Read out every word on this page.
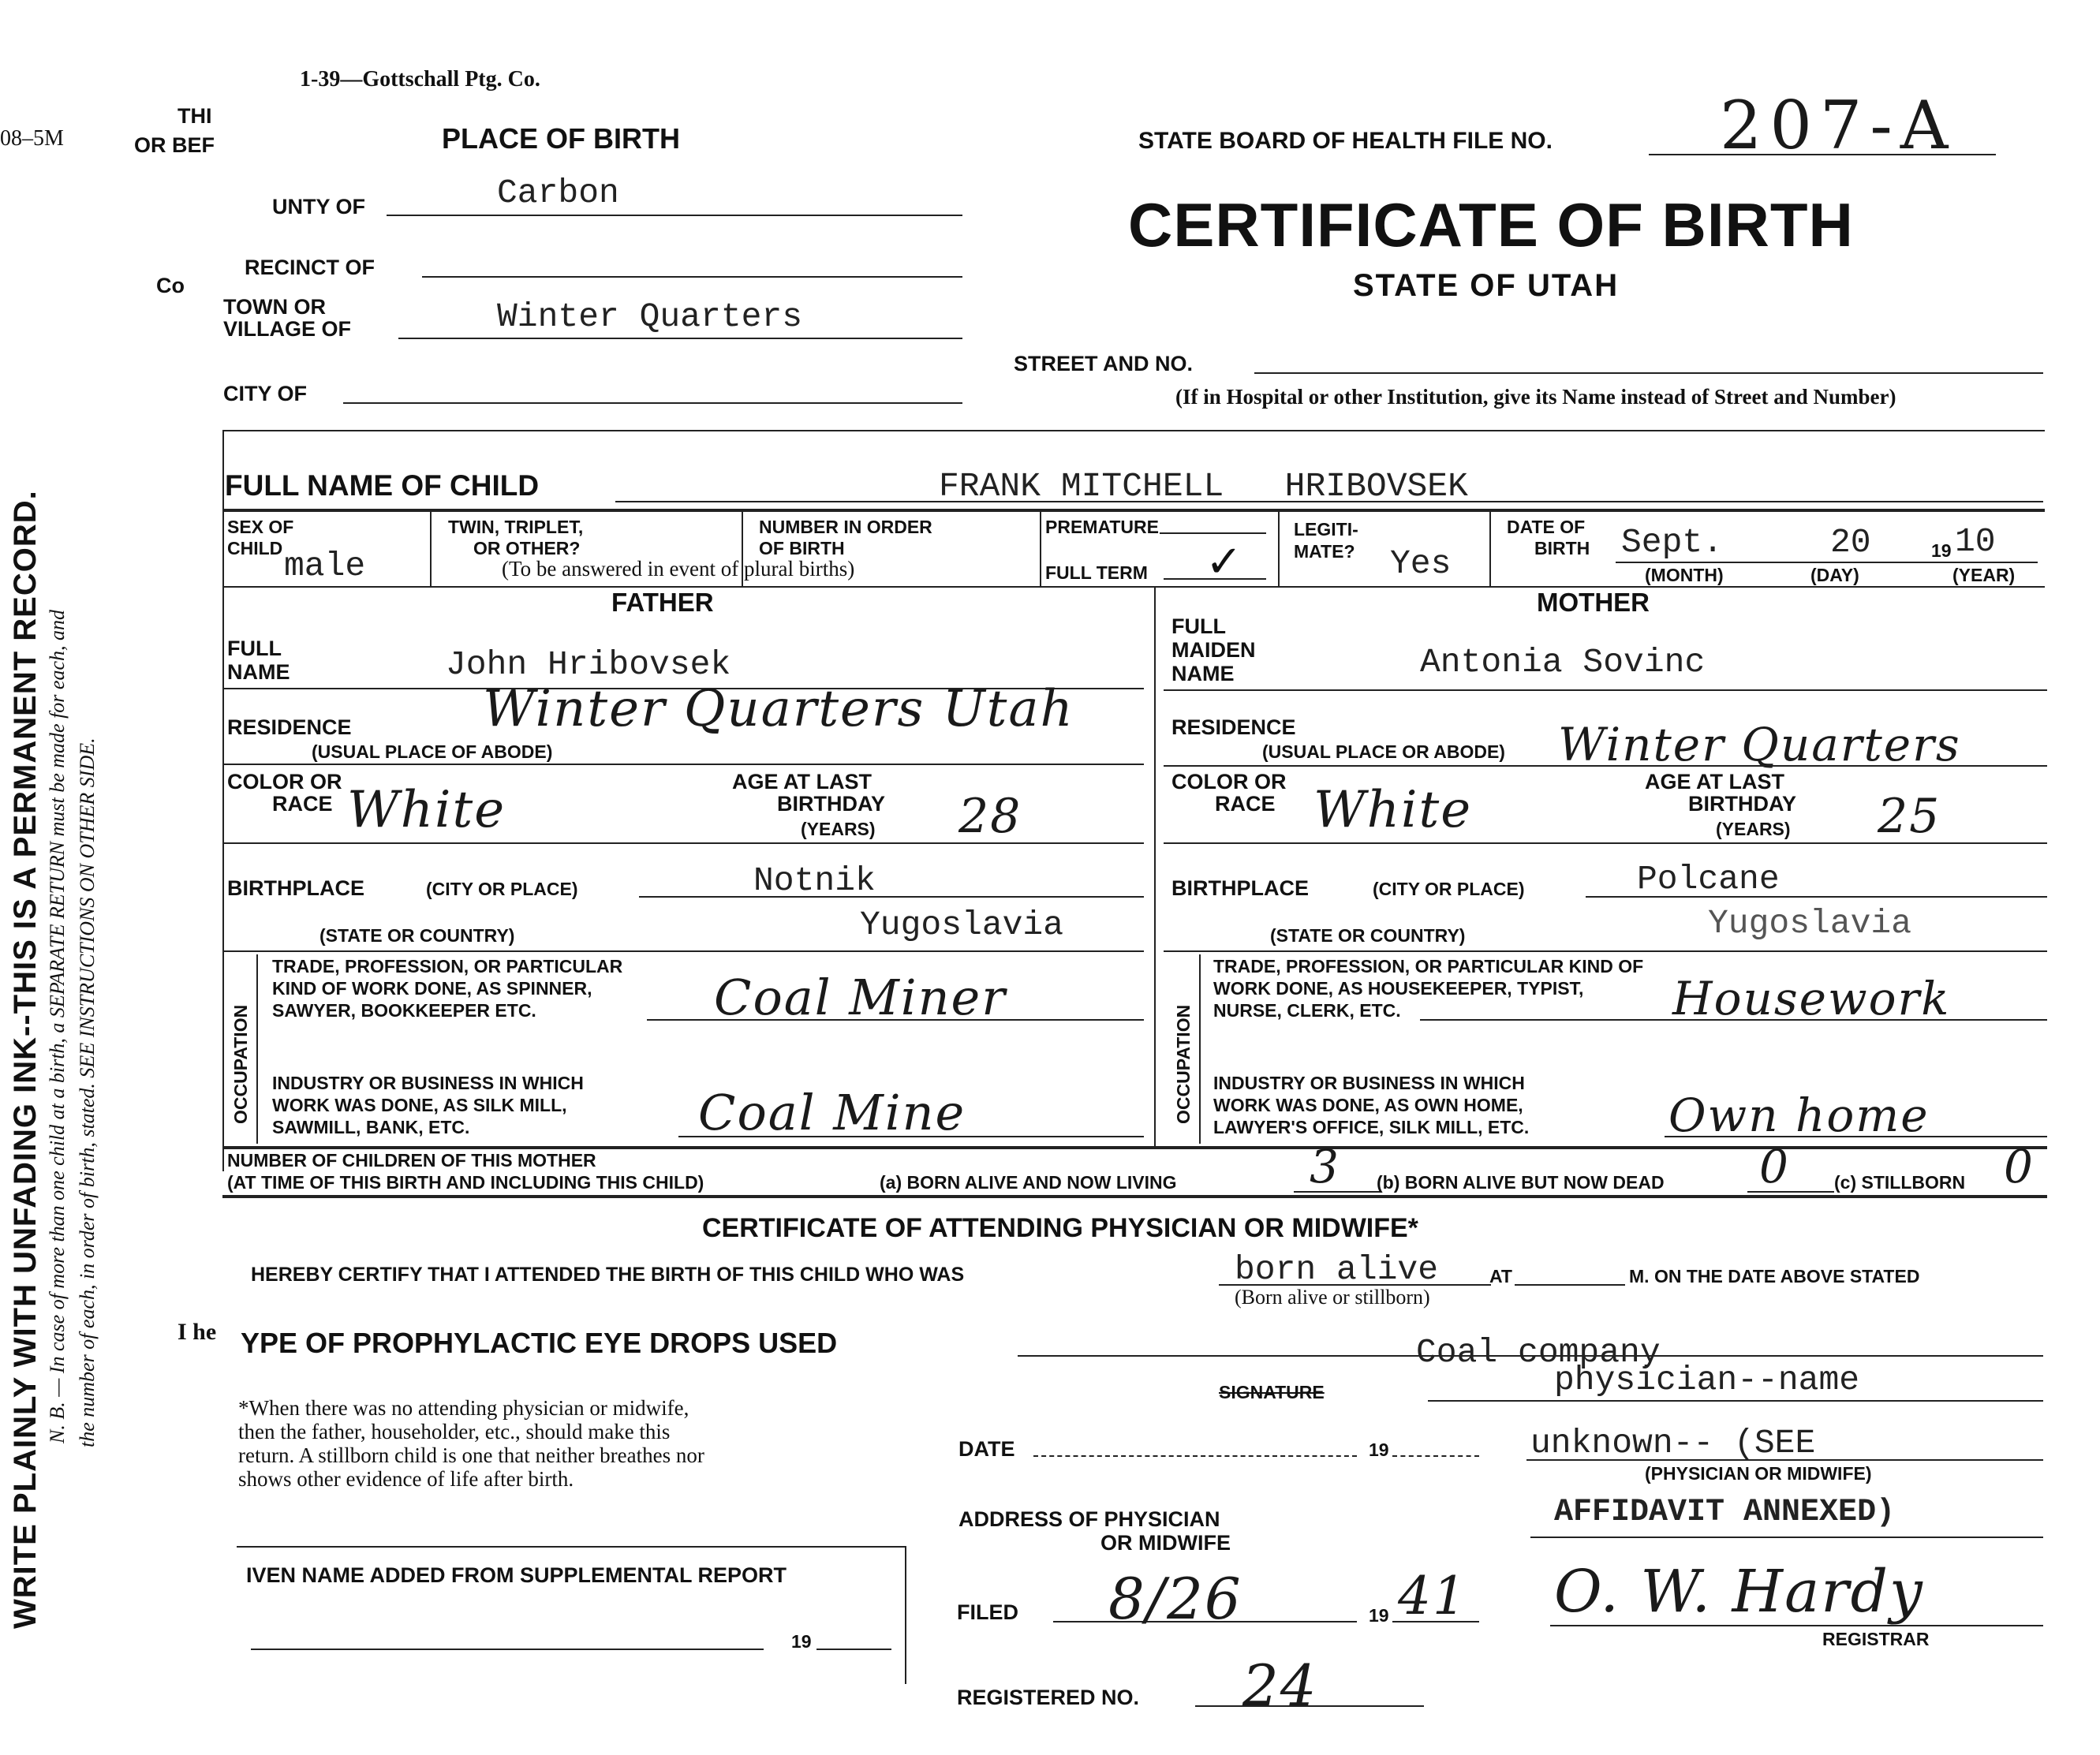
WRITE PLAINLY WITH UNFADING INK--THIS IS A PERMANENT RECORD. N. B. — In case of more than one child at a birth, a SEPARATE RETURN must be made for each, and the number of each, in order of birth, stated. SEE INSTRUCTIONS ON OTHER SIDE.
08–5M
1-39—Gottschall Ptg. Co.
THI
OR BEF
Co
PLACE OF BIRTH	STATE BOARD OF HEALTH FILE NO.	207-A
CERTIFICATE OF BIRTH
STATE OF UTAH
UNTY OF	Carbon
RECINCT OF
TOWN OR
VILLAGE OF	Winter Quarters
CITY OF
STREET AND NO.
(If in Hospital or other Institution, give its Name instead of Street and Number)
FULL NAME OF CHILD	FRANK MITCHELL   HRIBOVSEK
SEX OF
CHILD male
TWIN, TRIPLET,
OR OTHER?
(To be answered in event of plural births)
NUMBER IN ORDER
OF BIRTH
PREMATURE
FULL TERM ✓
LEGITI-
MATE? Yes
DATE OF
BIRTH Sept.	20	19 10
(MONTH)	(DAY)	(YEAR)
FATHER	MOTHER
FULL
NAME	John Hribovsek
FULL
MAIDEN
NAME	Antonia Sovinc
RESIDENCE
(USUAL PLACE OF ABODE)
Winter Quarters Utah	RESIDENCE
(USUAL PLACE OR ABODE) Winter Quarters
COLOR OR
RACE White	AGE AT LAST
BIRTHDAY
(YEARS) 28
COLOR OR
RACE White	AGE AT LAST
BIRTHDAY
(YEARS) 25
BIRTHPLACE	(CITY OR PLACE)	Notnik
(STATE OR COUNTRY)	Yugoslavia
BIRTHPLACE	(CITY OR PLACE)	Polcane
(STATE OR COUNTRY)	Yugoslavia
OCCUPATION
TRADE, PROFESSION, OR PARTICULAR
KIND OF WORK DONE, AS SPINNER,
SAWYER, BOOKKEEPER ETC.	Coal Miner
INDUSTRY OR BUSINESS IN WHICH
WORK WAS DONE, AS SILK MILL,
SAWMILL, BANK, ETC.	Coal Mine	OCCUPATION
TRADE, PROFESSION, OR PARTICULAR KIND OF
WORK DONE, AS HOUSEKEEPER, TYPIST,
NURSE, CLERK, ETC.	Housework
INDUSTRY OR BUSINESS IN WHICH
WORK WAS DONE, AS OWN HOME,
LAWYER'S OFFICE, SILK MILL, ETC.	Own home
NUMBER OF CHILDREN OF THIS MOTHER
(AT TIME OF THIS BIRTH AND INCLUDING THIS CHILD)	(a) BORN ALIVE AND NOW LIVING	3 (b) BORN ALIVE BUT NOW DEAD 0 (c) STILLBORN 0
CERTIFICATE OF ATTENDING PHYSICIAN OR MIDWIFE*
HEREBY CERTIFY THAT I ATTENDED THE BIRTH OF THIS CHILD WHO WAS	born alive
(Born alive or stillborn)
AT	M. ON THE DATE ABOVE STATED
I he YPE OF PROPHYLACTIC EYE DROPS USED	Coal company
SIGNATURE	physician--name
*When there was no attending physician or midwife,
then the father, householder, etc., should make this
return. A stillborn child is one that neither breathes nor
shows other evidence of life after birth.
DATE	19	unknown-- (SEE
(PHYSICIAN OR MIDWIFE)
AFFIDAVIT ANNEXED)
ADDRESS OF PHYSICIAN
OR MIDWIFE
IVEN NAME ADDED FROM SUPPLEMENTAL REPORT
19
FILED 8/26	19 41 O. W. Hardy
REGISTRAR
REGISTERED NO. 24
